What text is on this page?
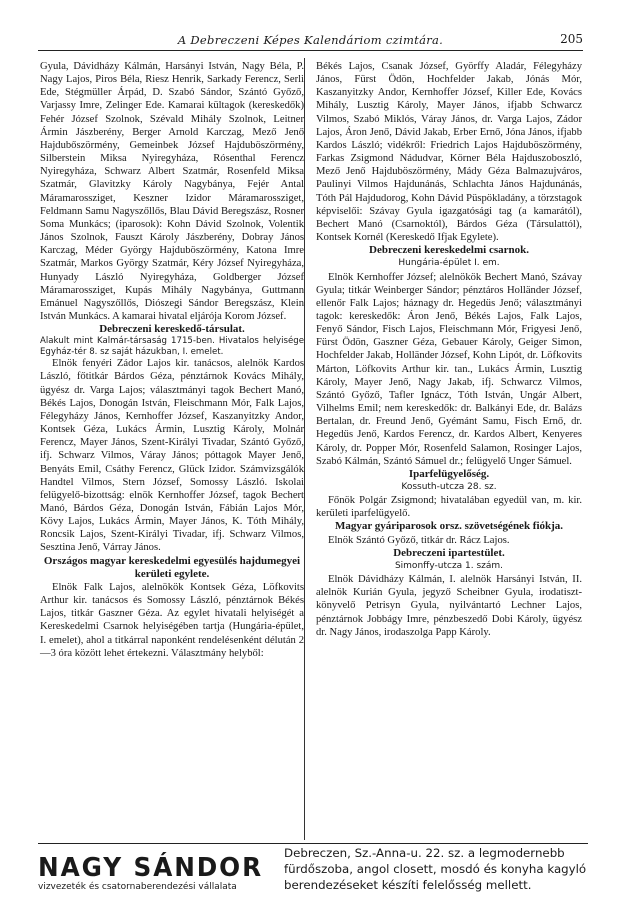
A Debreczeni Képes Kalendáriom czimtára.	205

Gyula, Dávidházy Kálmán, Harsányi István, Nagy Béla, P. Nagy Lajos, Piros Béla, Riesz Henrik, Sarkady Ferencz, Serli Ede, Stégmüller Árpád, D. Szabó Sándor, Szántó Győző, Varjassy Imre, Zelinger Ede. Kamarai kültagok (kereskedők) Fehér József Szolnok, Szévald Mihály Szolnok, Leitner Ármin Jászberény, Berger Arnold Karczag, Mező Jenő Hajdubőszörmény, Gemeinbek József Hajduböszörmény, Silberstein Miksa Nyiregyháza, Rósenthal Ferencz Nyiregyháza, Schwarz Albert Szatmár, Rosenfeld Miksa Szatmár, Glavitzky Károly Nagybánya, Fejér Antal Máramarossziget, Keszner Izidor Máramarossziget, Feldmann Samu Nagyszőllős, Blau Dávid Beregszász, Rosner Soma Munkács; (iparosok): Kohn Dávid Szolnok, Volentik János Szolnok, Fauszt Károly Jászberény, Dobray János Karczag, Méder György Hajduböszörmény, Katona Imre Szatmár, Markos György Szatmár, Kéry József Nyiregyháza, Hunyady László Nyiregyháza, Goldberger József Máramarossziget, Kupás Mihály Nagybánya, Guttmann Emánuel Nagyszőllős, Diószegi Sándor Beregszász, Klein István Munkács. A kamarai hivatal eljárója Korom József.

Debreczeni kereskedő-társulat.

Alakult mint Kalmár-társaság 1715-ben. Hivatalos helyisége Egyház-tér 8. sz saját házukban, I. emelet.

Elnök fenyéri Zádor Lajos kir. tanácsos, alelnök Kardos László, főtitkár Bárdos Géza, pénztárnok Kovács Mihály, ügyész dr. Varga Lajos; választmányi tagok Bechert Manó, Békés Lajos, Donogán István, Fleischmann Mór, Falk Lajos, Félegyházy János, Kernhoffer József, Kaszanyitzky Andor, Kontsek Géza, Lukács Ármin, Lusztig Károly, Molnár Ferencz, Mayer János, Szent-Királyi Tivadar, Szántó Győző, ifj. Schwarz Vilmos, Váray János; póttagok Mayer Jenő, Benyáts Emil, Csáthy Ferencz, Glück Izidor. Számvizsgálók Handtel Vilmos, Stern József, Somossy László. Iskolai felügyelő-bizottság: elnök Kernhoffer József, tagok Bechert Manó, Bárdos Géza, Donogán István, Fábián Lajos Mór, Kövy Lajos, Lukács Ármin, Mayer János, K. Tóth Mihály, Roncsik Lajos, Szent-Királyi Tivadar, ifj. Schwarz Vilmos, Sesztina Jenő, Várray János.

Országos magyar kereskedelmi egyesülés hajdumegyei kerületi egylete.

Elnök Falk Lajos, alelnökök Kontsek Géza, Löfkovits Arthur kir. tanácsos és Somossy László, pénztárnok Békés Lajos, titkár Gaszner Géza. Az egylet hivatali helyiségét a Kereskedelmi Csarnok helyiségében tartja (Hungária-épület, I. emelet), ahol a titkárral naponként rendelésenként délután 2—3 óra között lehet értekezni. Választmány helyből:

Békés Lajos, Csanak József, Györffy Aladár, Félegyházy János, Fürst Ödön, Hochfelder Jakab, Jónás Mór, Kaszanyitzky Andor, Kernhoffer József, Killer Ede, Kovács Mihály, Lusztig Károly, Mayer János, ifjabb Schwarcz Vilmos, Szabó Miklós, Váray János, dr. Varga Lajos, Zádor Lajos, Áron Jenő, Dávid Jakab, Erber Ernő, Jóna János, ifjabb Kardos László; vidékről: Friedrich Lajos Hajduböszörmény, Farkas Zsigmond Nádudvar, Körner Béla Hajduszoboszló, Mező Jenő Hajduböszörmény, Mády Géza Balmazujváros, Paulinyi Vilmos Hajdunánás, Schlachta János Hajdunánás, Tóth Pál Hajdudorog, Kohn Dávid Püspökladány, a törzstagok képviselői: Szávay Gyula igazgatósági tag (a kamarától), Bechert Manó (Csarnoktól), Bárdos Géza (Társulattól), Kontsek Kornél (Kereskedő Ifjak Egylete).

Debreczeni kereskedelmi csarnok.

Hungária-épület I. em.

Elnök Kernhoffer József; alelnökök Bechert Manó, Szávay Gyula; titkár Weinberger Sándor; pénztáros Holländer József, ellenőr Falk Lajos; háznagy dr. Hegedüs Jenő; választmányi tagok: kereskedők: Áron Jenő, Békés Lajos, Falk Lajos, Fenyő Sándor, Fisch Lajos, Fleischmann Mór, Frigyesi Jenő, Fürst Ödön, Gaszner Géza, Gebauer Károly, Geiger Simon, Hochfelder Jakab, Holländer József, Kohn Lipót, dr. Löfkovits Márton, Löfkovits Arthur kir. tan., Lukács Ármin, Lusztig Károly, Mayer Jenő, Nagy Jakab, ifj. Schwarcz Vilmos, Szántó Győző, Tafler Ignácz, Tóth István, Ungár Albert, Vilhelms Emil; nem kereskedők: dr. Balkányi Ede, dr. Balázs Bertalan, dr. Freund Jenő, Gyémánt Samu, Fisch Ernő, dr. Hegedüs Jenő, Kardos Ferencz, dr. Kardos Albert, Kenyeres Károly, dr. Popper Mór, Rosenfeld Salamon, Rosinger Lajos, Szabó Kálmán, Szántó Sámuel dr.; felügyelő Unger Sámuel.

Iparfelügyelőség.

Kossuth-utcza 28. sz.

Főnök Polgár Zsigmond; hivatalában egyedül van, m. kir. kerületi iparfelügyelő.

Magyar gyáriparosok orsz. szövetségének fiókja.

Elnök Szántó Győző, titkár dr. Rácz Lajos.

Debreczeni ipartestület.

Simonffy-utcza 1. szám.

Elnök Dávidházy Kálmán, I. alelnök Harsányi István, II. alelnök Kurián Gyula, jegyző Scheibner Gyula, irodatiszt-könyvelő Petrisyn Gyula, nyilvántartó Lechner Lajos, pénztárnok Jobbágy Imre, pénzbeszedő Dobi Károly, ügyész dr. Nagy János, irodaszolga Papp Károly.

NAGY SÁNDOR
vizvezeték és csatornaberendezési vállalata
Debreczen, Sz.-Anna-u. 22. sz. a legmodernebb fürdőszoba, angol closett, mosdó és konyha kagyló berendezéseket készíti felelősség mellett.
